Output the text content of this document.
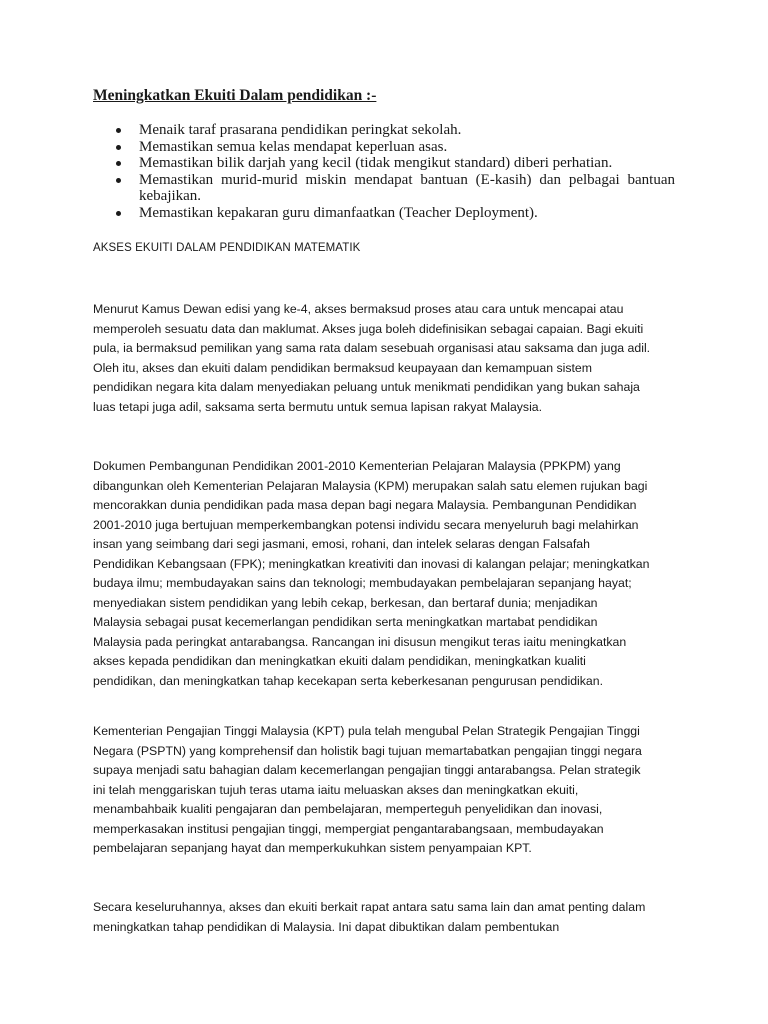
Meningkatkan Ekuiti Dalam pendidikan :-
Menaik taraf prasarana pendidikan peringkat sekolah.
Memastikan semua kelas mendapat keperluan asas.
Memastikan bilik darjah yang kecil (tidak mengikut standard) diberi perhatian.
Memastikan murid-murid miskin mendapat bantuan (E-kasih) dan pelbagai bantuan kebajikan.
Memastikan kepakaran guru dimanfaatkan (Teacher Deployment).
AKSES EKUITI DALAM PENDIDIKAN MATEMATIK

Menurut Kamus Dewan edisi yang ke-4, akses bermaksud proses atau cara untuk mencapai atau
memperoleh sesuatu data dan maklumat. Akses juga boleh didefinisikan sebagai capaian. Bagi ekuiti
pula, ia bermaksud pemilikan yang sama rata dalam sesebuah organisasi atau saksama dan juga adil.
Oleh itu, akses dan ekuiti dalam pendidikan bermaksud keupayaan dan kemampuan sistem
pendidikan negara kita dalam menyediakan peluang untuk menikmati pendidikan yang bukan sahaja
luas tetapi juga adil, saksama serta bermutu untuk semua lapisan rakyat Malaysia.

Dokumen Pembangunan Pendidikan 2001-2010 Kementerian Pelajaran Malaysia (PPKPM) yang
dibangunkan oleh Kementerian Pelajaran Malaysia (KPM) merupakan salah satu elemen rujukan bagi
mencorakkan dunia pendidikan pada masa depan bagi negara Malaysia. Pembangunan Pendidikan
2001-2010 juga bertujuan memperkembangkan potensi individu secara menyeluruh bagi melahirkan
insan yang seimbang dari segi jasmani, emosi, rohani, dan intelek selaras dengan Falsafah
Pendidikan Kebangsaan (FPK); meningkatkan kreativiti dan inovasi di kalangan pelajar; meningkatkan
budaya ilmu; membudayakan sains dan teknologi; membudayakan pembelajaran sepanjang hayat;
menyediakan sistem pendidikan yang lebih cekap, berkesan, dan bertaraf dunia; menjadikan
Malaysia sebagai pusat kecemerlangan pendidikan serta meningkatkan martabat pendidikan
Malaysia pada peringkat antarabangsa. Rancangan ini disusun mengikut teras iaitu meningkatkan
akses kepada pendidikan dan meningkatkan ekuiti dalam pendidikan, meningkatkan kualiti
pendidikan, dan meningkatkan tahap kecekapan serta keberkesanan pengurusan pendidikan.

Kementerian Pengajian Tinggi Malaysia (KPT) pula telah mengubal Pelan Strategik Pengajian Tinggi
Negara (PSPTN) yang komprehensif dan holistik bagi tujuan memartabatkan pengajian tinggi negara
supaya menjadi satu bahagian dalam kecemerlangan pengajian tinggi antarabangsa. Pelan strategik
ini telah menggariskan tujuh teras utama iaitu meluaskan akses dan meningkatkan ekuiti,
menambahbaik kualiti pengajaran dan pembelajaran, memperteguh penyelidikan dan inovasi,
memperkasakan institusi pengajian tinggi, mempergiat pengantarabangsaan, membudayakan
pembelajaran sepanjang hayat dan memperkukuhkan sistem penyampaian KPT.

Secara keseluruhannya, akses dan ekuiti berkait rapat antara satu sama lain dan amat penting dalam
meningkatkan tahap pendidikan di Malaysia. Ini dapat dibuktikan dalam pembentukan
